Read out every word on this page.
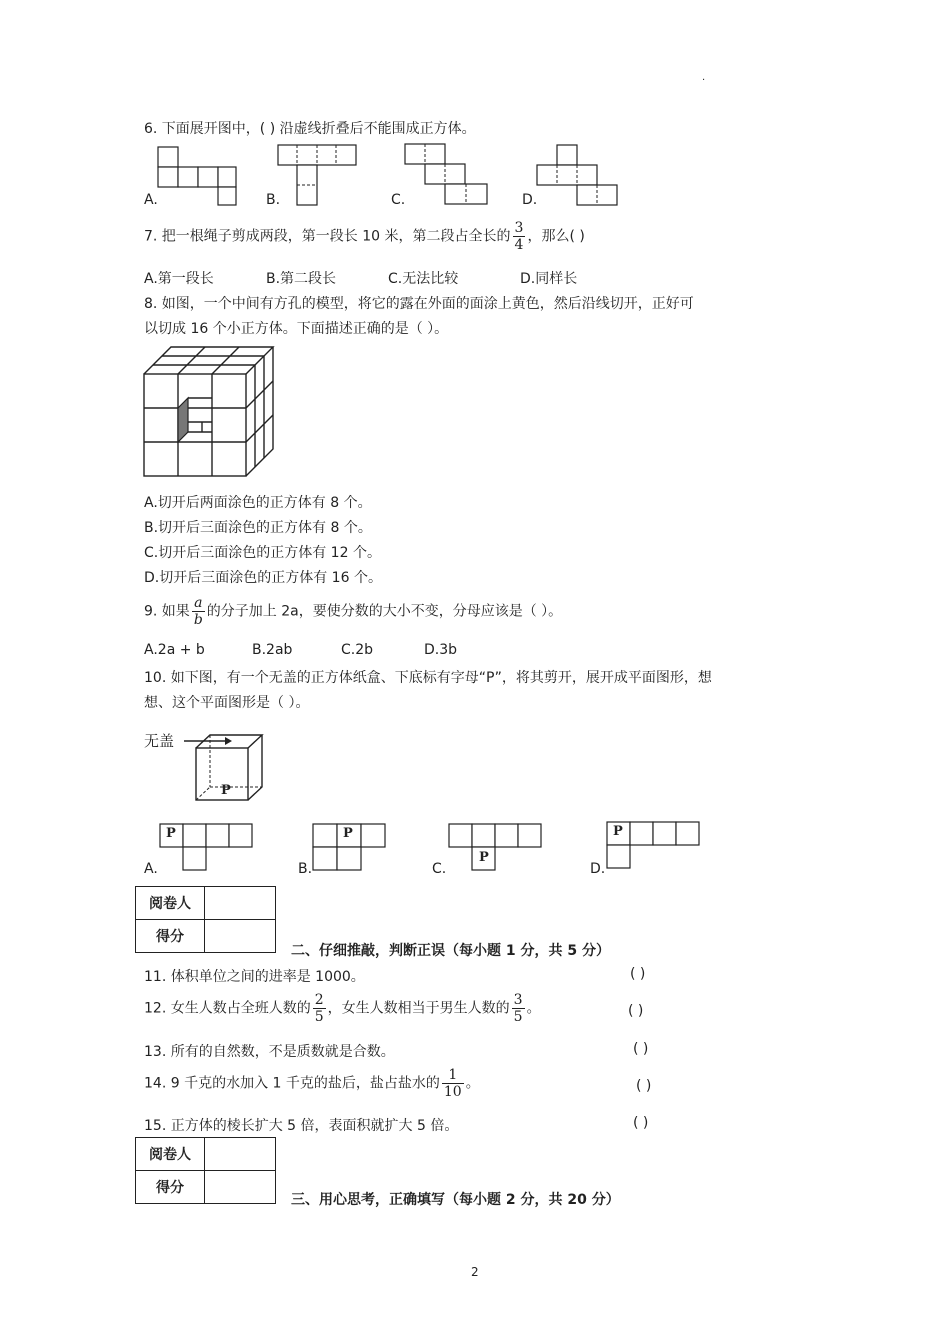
.
6. 下面展开图中，( ) 沿虚线折叠后不能围成正方体。
A.	B.	C.	D.
7. 把一根绳子剪成两段，第一段长 10 米，第二段占全长的 $\frac{3}{4}$ ，那么( )
A.第一段长	B.第二段长	C.无法比较	D.同样长
8. 如图，一个中间有方孔的模型，将它的露在外面的面涂上黄色，然后沿线切开，正好可
以切成 16 个小正方体。下面描述正确的是（ ）。
A.切开后两面涂色的正方体有 8 个。
B.切开后三面涂色的正方体有 8 个。
C.切开后三面涂色的正方体有 12 个。
D.切开后三面涂色的正方体有 16 个。
9. 如果 $\frac{a}{b}$ 的分子加上 2a，要使分数的大小不变，分母应该是（ ）。
A.2a + b	B.2ab	C.2b	D.3b
10. 如下图，有一个无盖的正方体纸盒、下底标有字母“P”，将其剪开，展开成平面图形，想
想、这个平面图形是（ ）。
无盖
P
P
A.
P
B.
P
C.
P
D.
阅卷人	
得分	
二、仔细推敲，判断正误（每小题 1 分，共 5 分）
11. 体积单位之间的进率是 1000。	( )
12. 女生人数占全班人数的 $\frac{2}{5}$ ，女生人数相当于男生人数的 $\frac{3}{5}$ 。	( )
13. 所有的自然数，不是质数就是合数。	( )
14. 9 千克的水加入 1 千克的盐后，盐占盐水的 $\frac{1}{10}$ 。	( )
15. 正方体的棱长扩大 5 倍，表面积就扩大 5 倍。	( )
阅卷人	
得分	
三、用心思考，正确填写（每小题 2 分，共 20 分）
2
